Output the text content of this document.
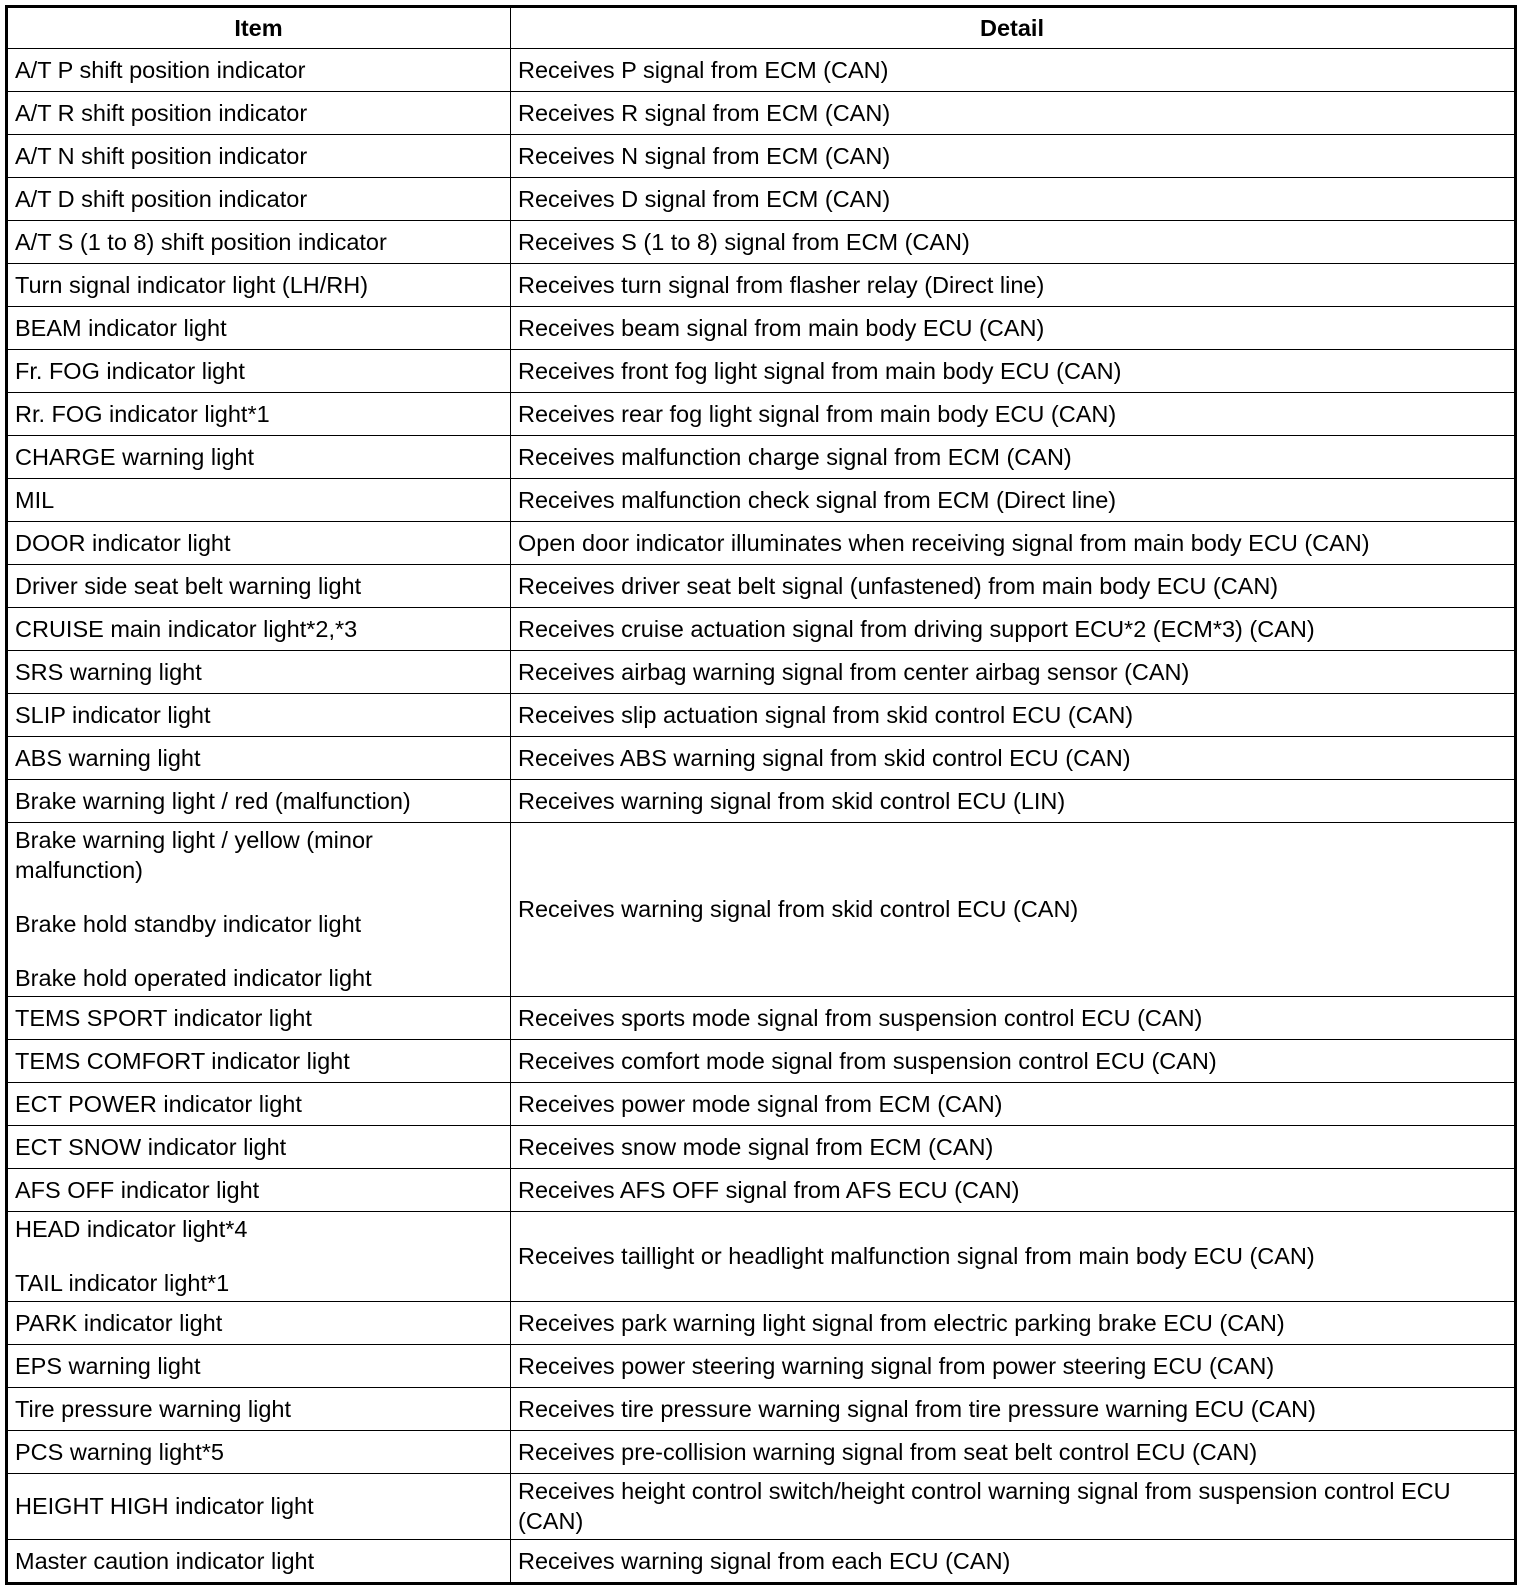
Item	Detail

A/T P shift position indicator	Receives P signal from ECM (CAN)

A/T R shift position indicator	Receives R signal from ECM (CAN)

A/T N shift position indicator	Receives N signal from ECM (CAN)

A/T D shift position indicator	Receives D signal from ECM (CAN)

A/T S (1 to 8) shift position indicator	Receives S (1 to 8) signal from ECM (CAN)

Turn signal indicator light (LH/RH)	Receives turn signal from flasher relay (Direct line)

BEAM indicator light	Receives beam signal from main body ECU (CAN)

Fr. FOG indicator light	Receives front fog light signal from main body ECU (CAN)

Rr. FOG indicator light*1	Receives rear fog light signal from main body ECU (CAN)

CHARGE warning light	Receives malfunction charge signal from ECM (CAN)

MIL	Receives malfunction check signal from ECM (Direct line)

DOOR indicator light	Open door indicator illuminates when receiving signal from main body ECU (CAN)

Driver side seat belt warning light	Receives driver seat belt signal (unfastened) from main body ECU (CAN)

CRUISE main indicator light*2,*3	Receives cruise actuation signal from driving support ECU*2 (ECM*3) (CAN)

SRS warning light	Receives airbag warning signal from center airbag sensor (CAN)

SLIP indicator light	Receives slip actuation signal from skid control ECU (CAN)

ABS warning light	Receives ABS warning signal from skid control ECU (CAN)

Brake warning light / red (malfunction)	Receives warning signal from skid control ECU (LIN)

Brake warning light / yellow (minor malfunction)
Brake hold standby indicator light
Brake hold operated indicator light	Receives warning signal from skid control ECU (CAN)

TEMS SPORT indicator light	Receives sports mode signal from suspension control ECU (CAN)

TEMS COMFORT indicator light	Receives comfort mode signal from suspension control ECU (CAN)

ECT POWER indicator light	Receives power mode signal from ECM (CAN)

ECT SNOW indicator light	Receives snow mode signal from ECM (CAN)

AFS OFF indicator light	Receives AFS OFF signal from AFS ECU (CAN)

HEAD indicator light*4
TAIL indicator light*1	Receives taillight or headlight malfunction signal from main body ECU (CAN)

PARK indicator light	Receives park warning light signal from electric parking brake ECU (CAN)

EPS warning light	Receives power steering warning signal from power steering ECU (CAN)

Tire pressure warning light	Receives tire pressure warning signal from tire pressure warning ECU (CAN)

PCS warning light*5	Receives pre-collision warning signal from seat belt control ECU (CAN)

HEIGHT HIGH indicator light	Receives height control switch/height control warning signal from suspension control ECU (CAN)

Master caution indicator light	Receives warning signal from each ECU (CAN)
